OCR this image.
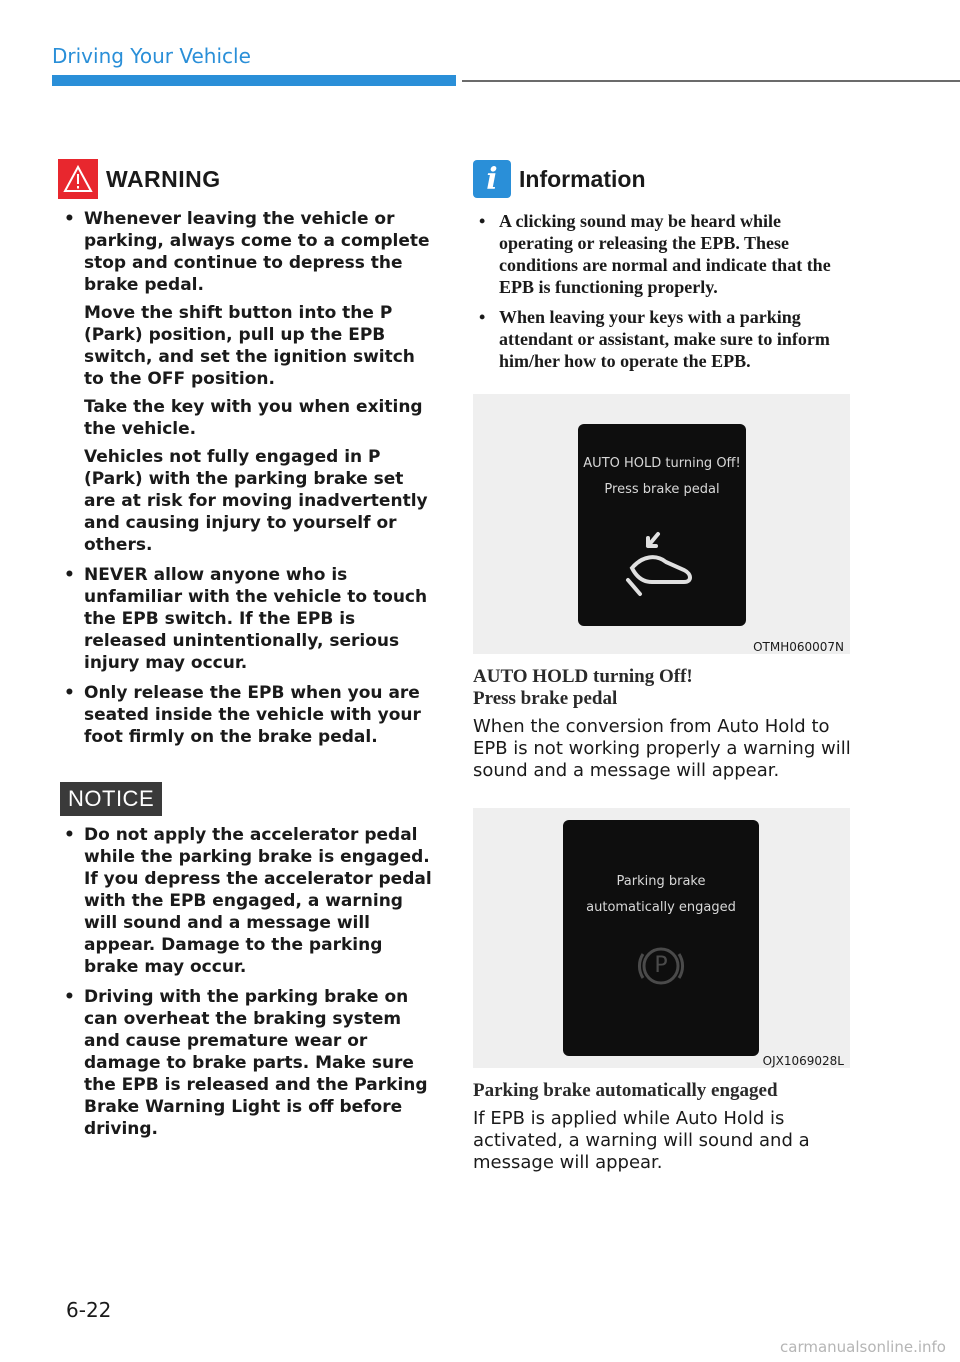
Driving Your Vehicle
WARNING

• Whenever leaving the vehicle or parking, always come to a complete stop and continue to depress the brake pedal.

Move the shift button into the P (Park) position, pull up the EPB switch, and set the ignition switch to the OFF position.

Take the key with you when exiting the vehicle.

Vehicles not fully engaged in P (Park) with the parking brake set are at risk for moving inadvertently and causing injury to yourself or others.

• NEVER allow anyone who is unfamiliar with the vehicle to touch the EPB switch. If the EPB is released unintentionally, serious injury may occur.

• Only release the EPB when you are seated inside the vehicle with your foot firmly on the brake pedal.

NOTICE
• Do not apply the accelerator pedal while the parking brake is engaged. If you depress the accelerator pedal with the EPB engaged, a warning will sound and a message will appear. Damage to the parking brake may occur.
• Driving with the parking brake on can overheat the braking system and cause premature wear or damage to brake parts. Make sure the EPB is released and the Parking Brake Warning Light is off before driving.
i Information
• A clicking sound may be heard while operating or releasing the EPB. These conditions are normal and indicate that the EPB is functioning properly.
• When leaving your keys with a parking attendant or assistant, make sure to inform him/her how to operate the EPB.
AUTO HOLD turning Off!
Press brake pedal
OTMH060007N
AUTO HOLD turning Off!
Press brake pedal
When the conversion from Auto Hold to EPB is not working properly a warning will sound and a message will appear.
Parking brake
automatically engaged
P
OJX1069028L
Parking brake automatically engaged
If EPB is applied while Auto Hold is activated, a warning will sound and a message will appear.
6-22
carmanualsonline.info
